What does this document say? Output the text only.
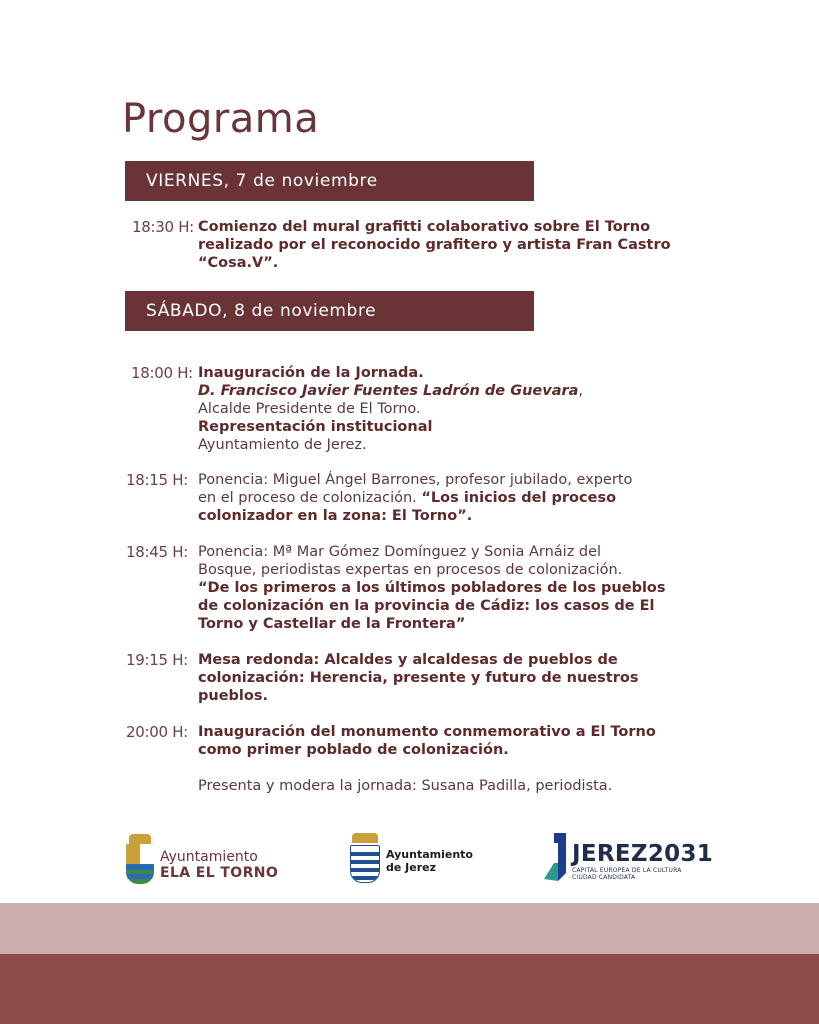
Programa
VIERNES, 7 de noviembre
18:30 H: Comienzo del mural grafitti colaborativo sobre El Torno
realizado por el reconocido grafitero y artista Fran Castro
“Cosa.V”.
SÁBADO, 8 de noviembre
18:00 H: Inauguración de la Jornada.
D. Francisco Javier Fuentes Ladrón de Guevara,
Alcalde Presidente de El Torno.
Representación institucional
Ayuntamiento de Jerez.
18:15 H: Ponencia: Miguel Ángel Barrones, profesor jubilado, experto
en el proceso de colonización. “Los inicios del proceso
colonizador en la zona: El Torno”.
18:45 H: Ponencia: Mª Mar Gómez Domínguez y Sonia Arnáiz del
Bosque, periodistas expertas en procesos de colonización.
“De los primeros a los últimos pobladores de los pueblos
de colonización en la provincia de Cádiz: los casos de El
Torno y Castellar de la Frontera”
19:15 H: Mesa redonda: Alcaldes y alcaldesas de pueblos de
colonización: Herencia, presente y futuro de nuestros
pueblos.
20:00 H: Inauguración del monumento conmemorativo a El Torno
como primer poblado de colonización.
Presenta y modera la jornada: Susana Padilla, periodista.
Ayuntamiento
ELA EL TORNO
Ayuntamiento
de Jerez
JEREZ2031
CAPITAL EUROPEA DE LA CULTURA
CIUDAD CANDIDATA
